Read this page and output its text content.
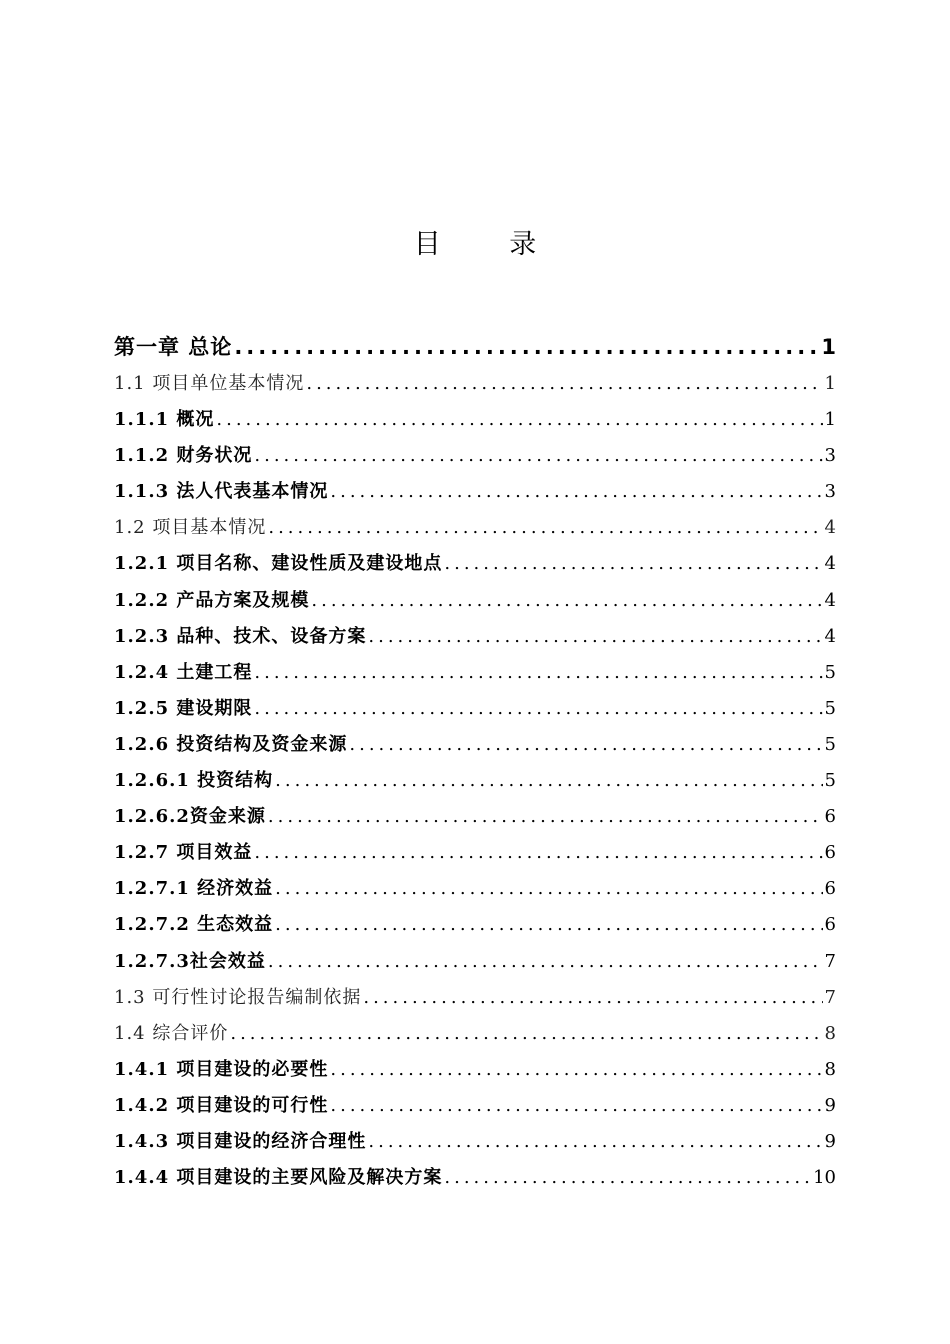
目 录
第一章 总论 .....	1
1.1 项目单位基本情况 .....	1
1.1.1 概况 .....	1
1.1.2 财务状况 .....	3
1.1.3 法人代表基本情况 .....	3
1.2 项目基本情况 .....	4
1.2.1 项目名称、建设性质及建设地点 .....	4
1.2.2 产品方案及规模 .....	4
1.2.3 品种、技术、设备方案 .....	4
1.2.4 土建工程 .....	5
1.2.5 建设期限 .....	5
1.2.6 投资结构及资金来源 .....	5
1.2.6.1 投资结构 .....	5
1.2.6.2资金来源 .....	6
1.2.7 项目效益 .....	6
1.2.7.1 经济效益 .....	6
1.2.7.2 生态效益 .....	6
1.2.7.3社会效益 .....	7
1.3 可行性讨论报告编制依据 .....	7
1.4 综合评价 .....	8
1.4.1 项目建设的必要性 .....	8
1.4.2 项目建设的可行性 .....	9
1.4.3 项目建设的经济合理性 .....	9
1.4.4 项目建设的主要风险及解决方案 .....	10
